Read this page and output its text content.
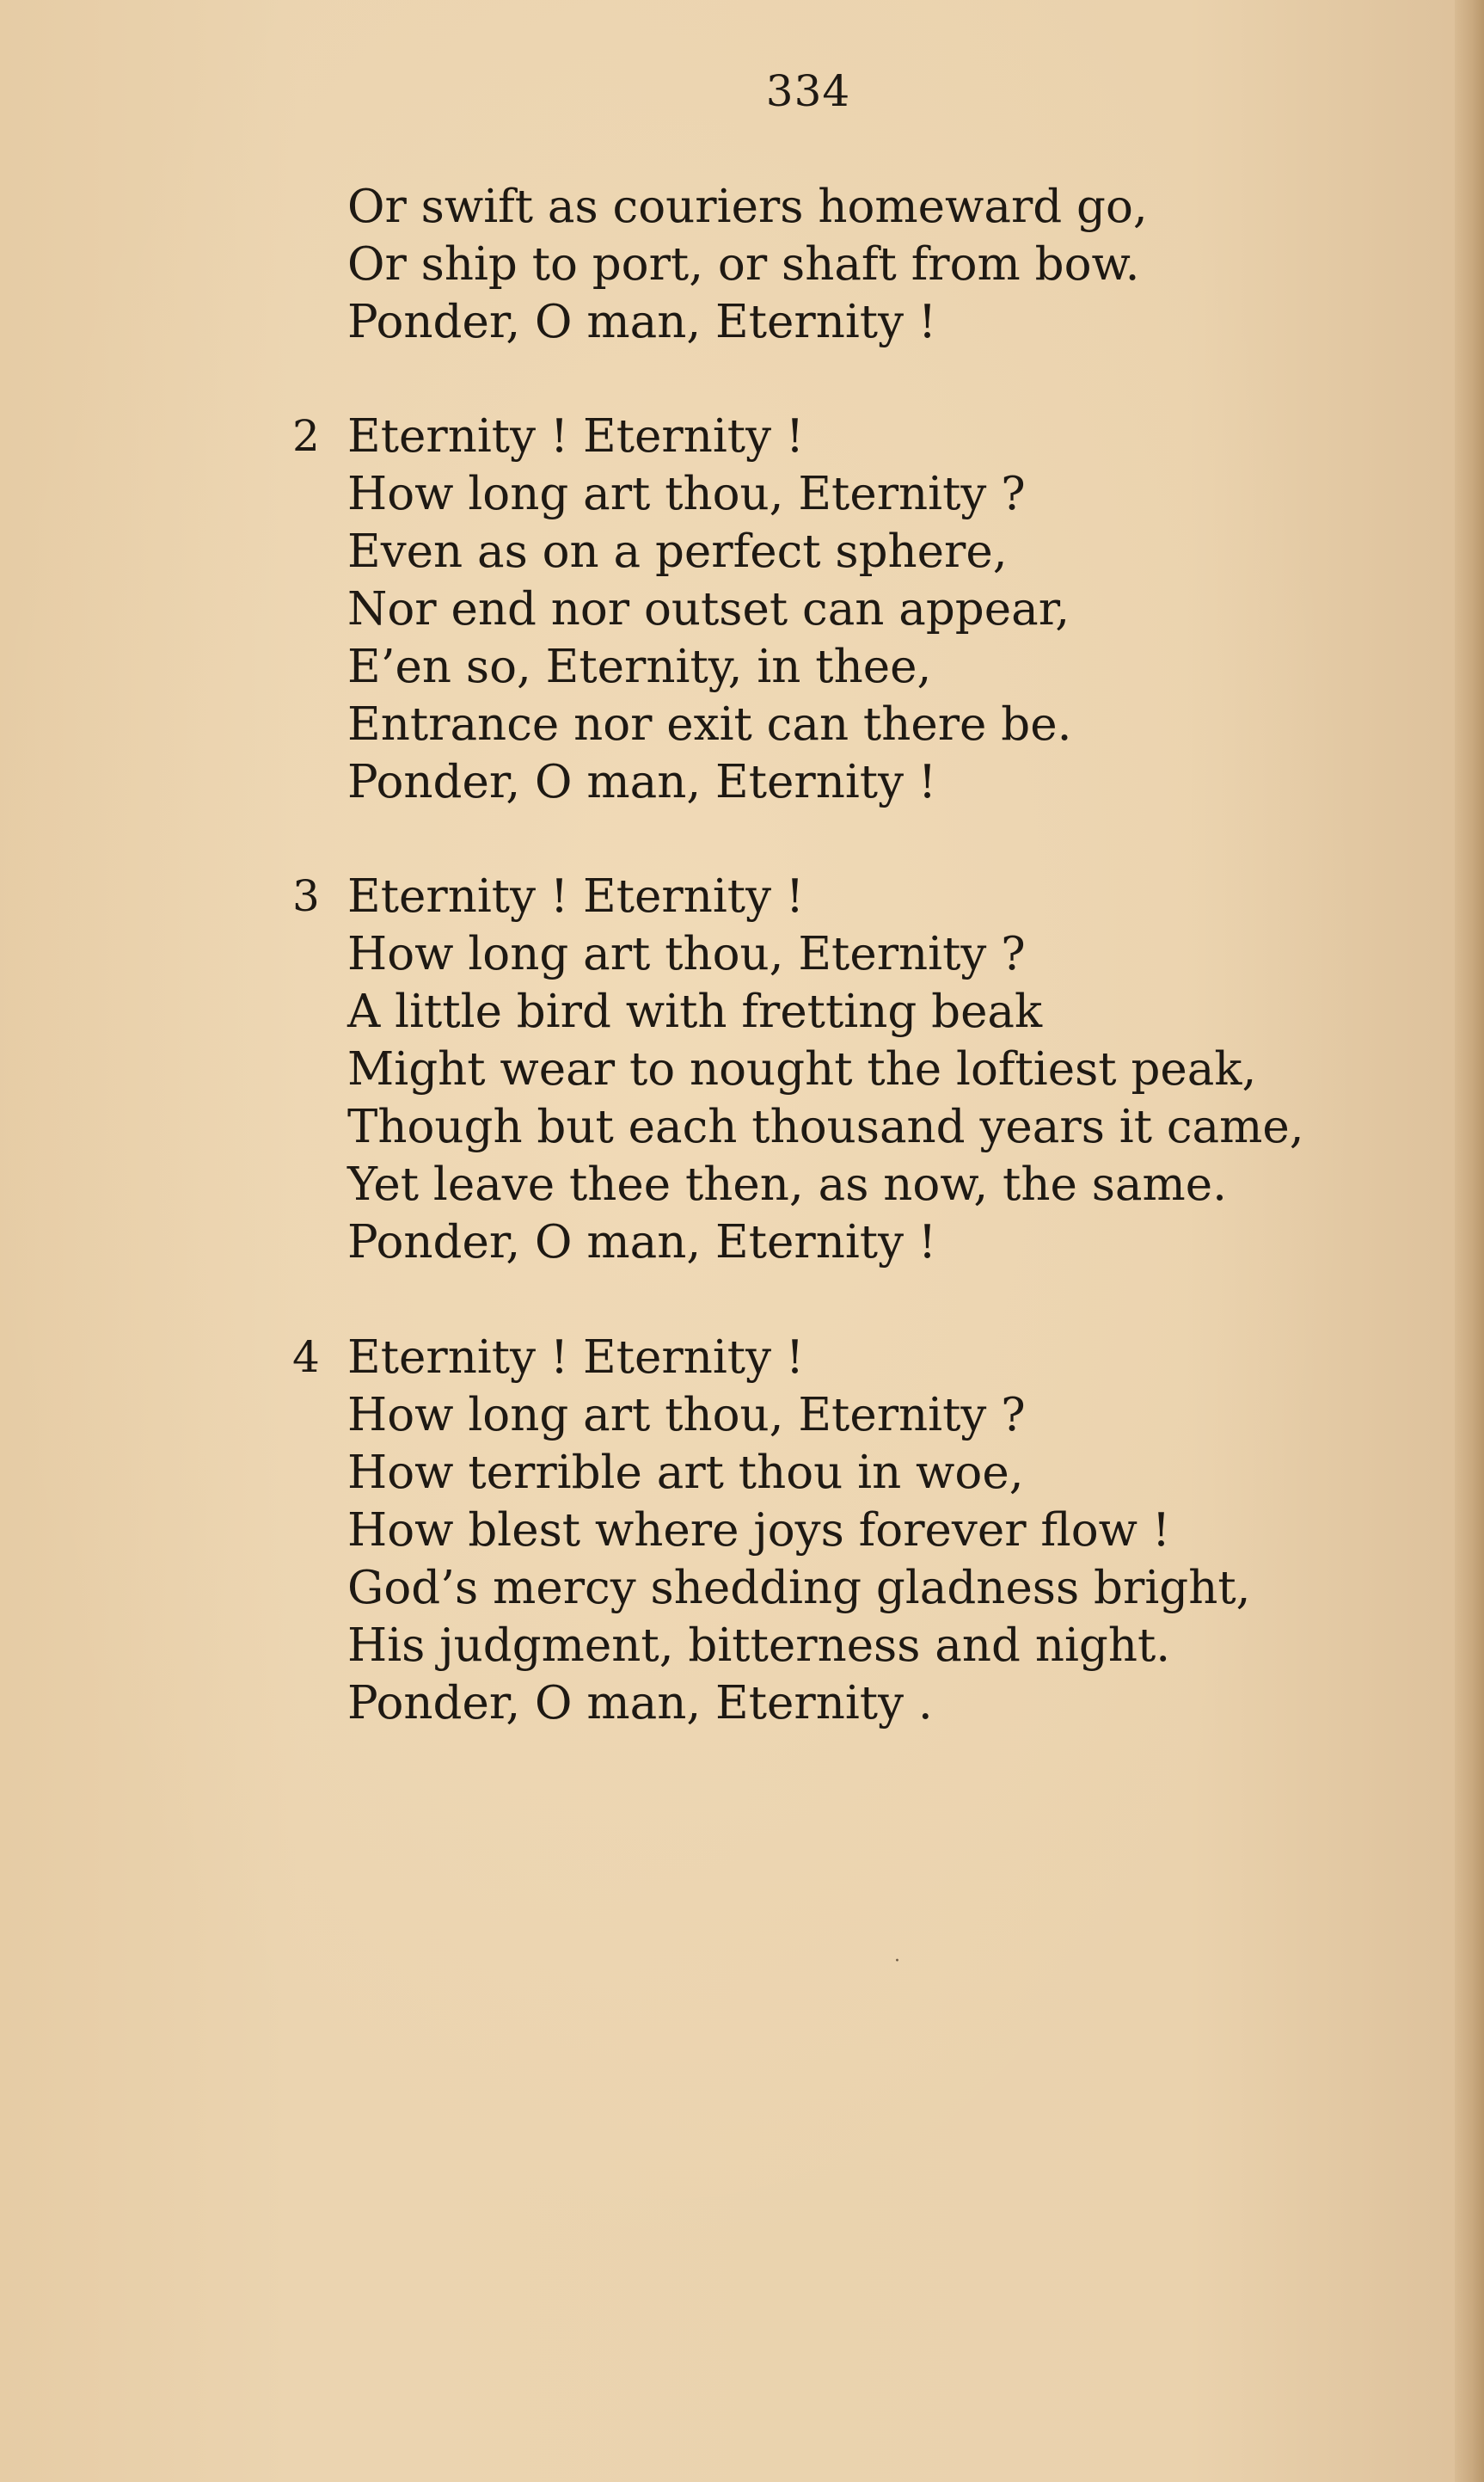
334
Or swift as couriers homeward go,
Or ship to port, or shaft from bow.
Ponder, O man, Eternity !
2 Eternity ! Eternity !
How long art thou, Eternity ?
Even as on a perfect sphere,
Nor end nor outset can appear,
E’en so, Eternity, in thee,
Entrance nor exit can there be.
Ponder, O man, Eternity !
3 Eternity ! Eternity !
How long art thou, Eternity ?
A little bird with fretting beak
Might wear to nought the loftiest peak,
Though but each thousand years it came,
Yet leave thee then, as now, the same.
Ponder, O man, Eternity !
4 Eternity ! Eternity !
How long art thou, Eternity ?
How terrible art thou in woe,
How blest where joys forever flow !
God’s mercy shedding gladness bright,
His judgment, bitterness and night.
Ponder, O man, Eternity .
·
